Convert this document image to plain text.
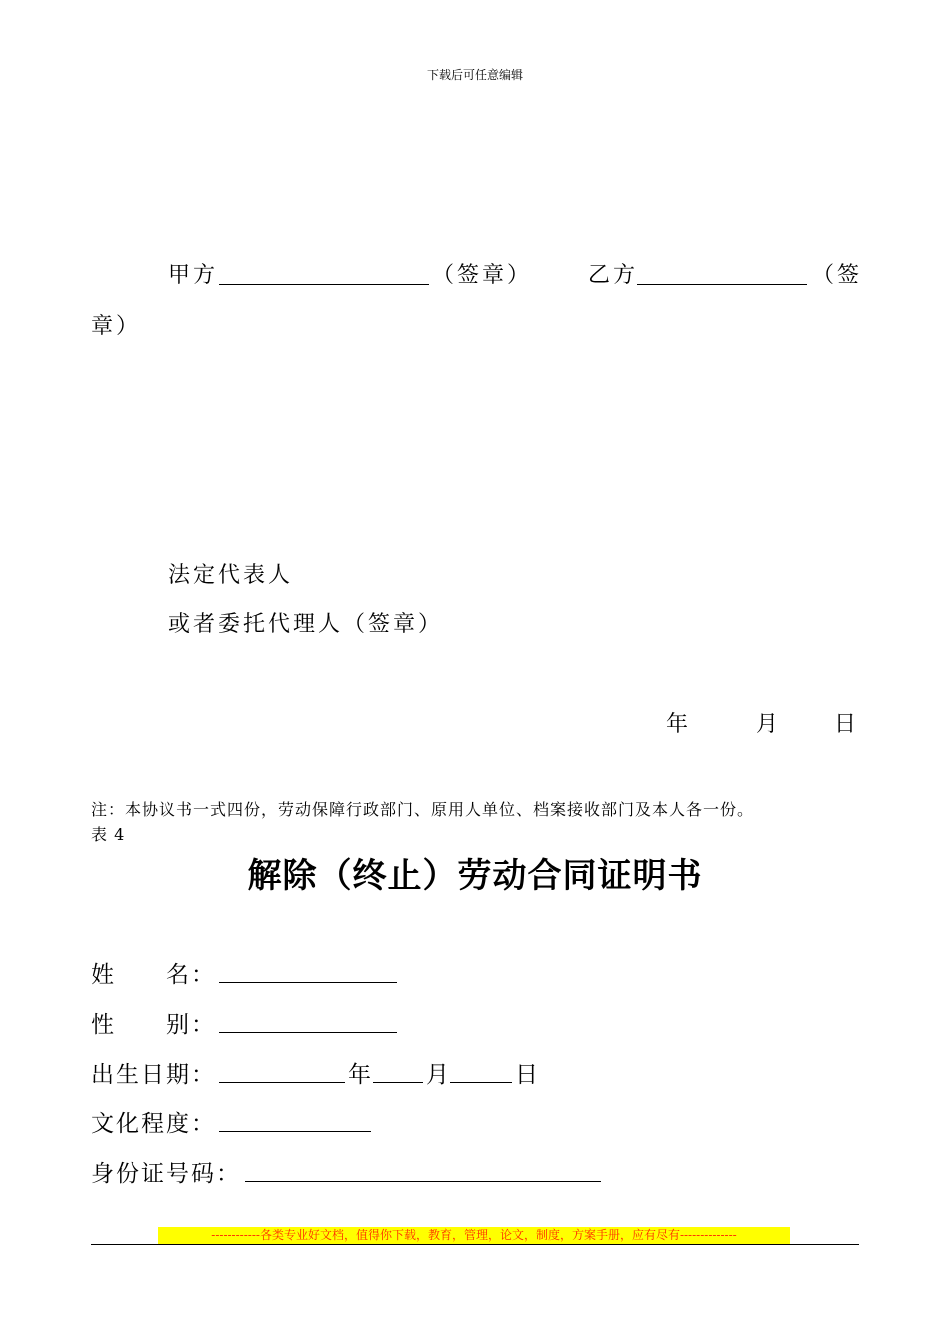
下载后可任意编辑
甲方	（签章）	乙方	（签
章）
法定代表人
或者委托代理人（签章）
年	月 日
注：本协议书一式四份，劳动保障行政部门、原用人单位、档案接收部门及本人各一份。
表 4
解除（终止）劳动合同证明书
姓　　名：
性　　别：
出生日期：	年 月	日
文化程度：
身份证号码：
------------各类专业好文档，值得你下载，教育，管理，论文，制度，方案手册，应有尽有--------------
